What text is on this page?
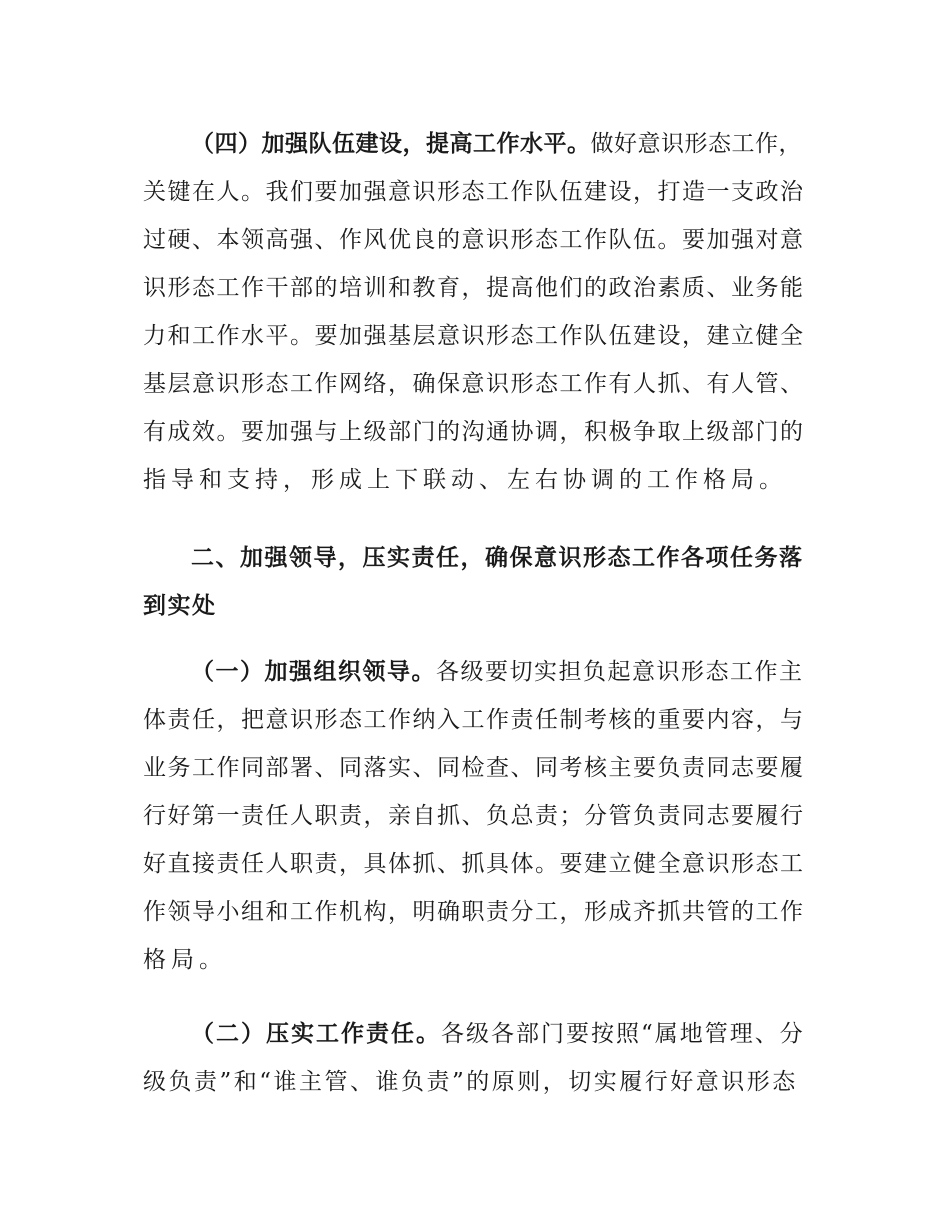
（四）加强队伍建设，提高工作水平。做好意识形态工作，
关键在人。我们要加强意识形态工作队伍建设，打造一支政治
过硬、本领高强、作风优良的意识形态工作队伍。要加强对意
识形态工作干部的培训和教育，提高他们的政治素质、业务能
力和工作水平。要加强基层意识形态工作队伍建设，建立健全
基层意识形态工作网络，确保意识形态工作有人抓、有人管、
有成效。要加强与上级部门的沟通协调，积极争取上级部门的
指导和支持，形成上下联动、左右协调的工作格局。
二、加强领导，压实责任，确保意识形态工作各项任务落
到实处
（一）加强组织领导。各级要切实担负起意识形态工作主
体责任，把意识形态工作纳入工作责任制考核的重要内容，与
业务工作同部署、同落实、同检查、同考核主要负责同志要履
行好第一责任人职责，亲自抓、负总责；分管负责同志要履行
好直接责任人职责，具体抓、抓具体。要建立健全意识形态工
作领导小组和工作机构，明确职责分工，形成齐抓共管的工作
格局。
（二）压实工作责任。各级各部门要按照“属地管理、分
级负责”和“谁主管、谁负责”的原则，切实履行好意识形态
